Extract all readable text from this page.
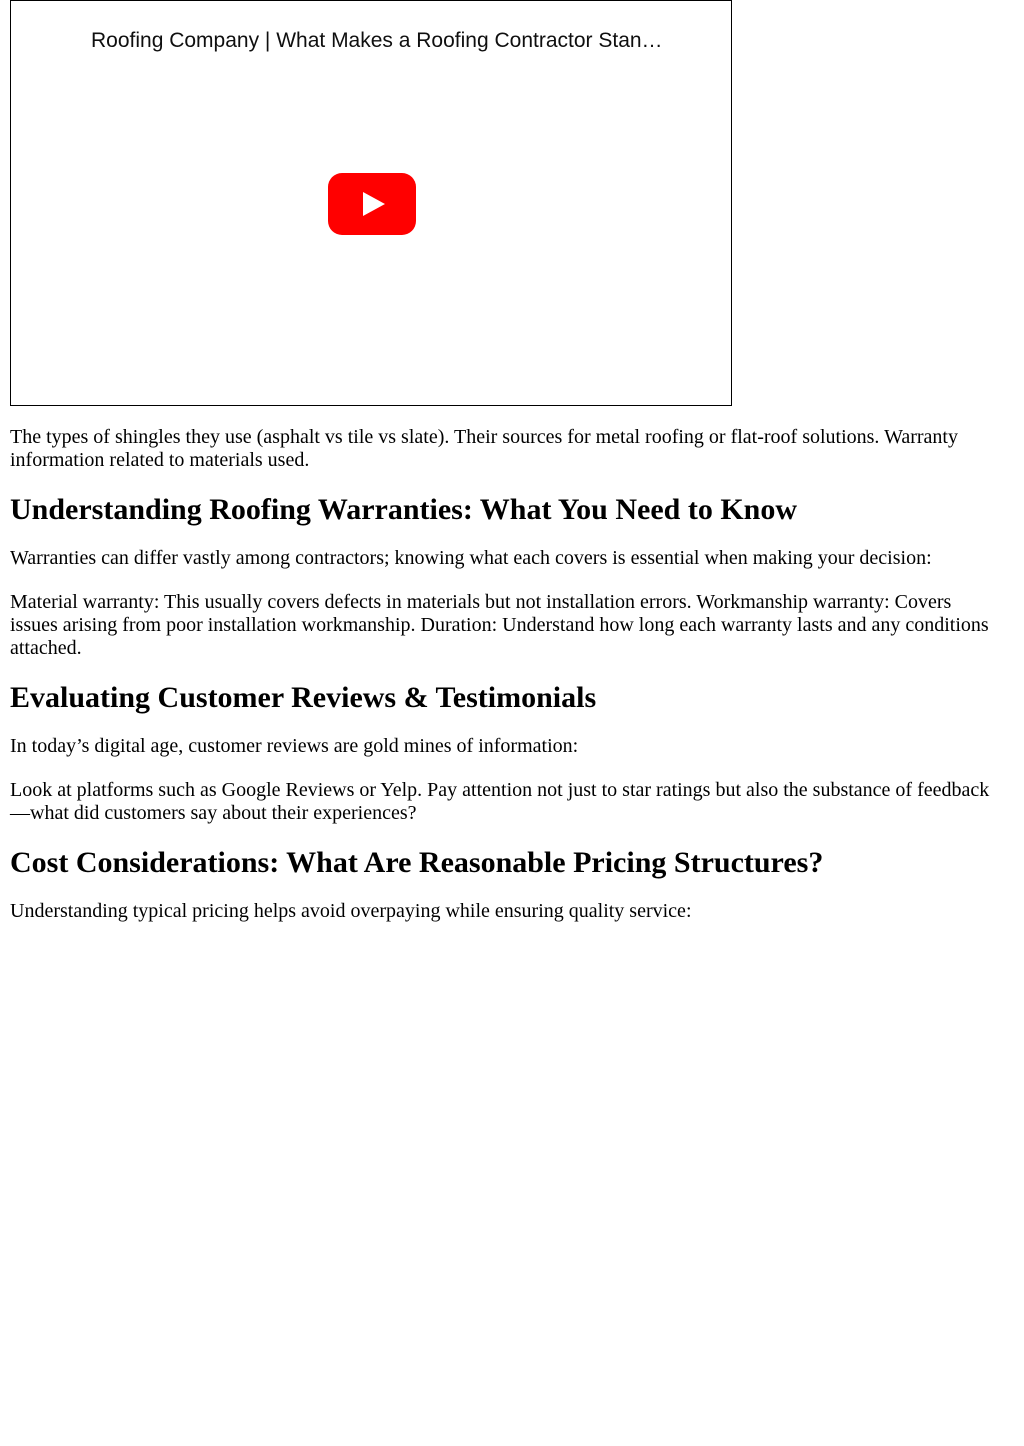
Roofing Company | What Makes a Roofing Contractor Stan…

The types of shingles they use (asphalt vs tile vs slate). Their sources for metal roofing or flat-roof solutions. Warranty information related to materials used.

Understanding Roofing Warranties: What You Need to Know

Warranties can differ vastly among contractors; knowing what each covers is essential when making your decision:

Material warranty: This usually covers defects in materials but not installation errors. Workmanship warranty: Covers issues arising from poor installation workmanship. Duration: Understand how long each warranty lasts and any conditions attached.

Evaluating Customer Reviews & Testimonials

In today’s digital age, customer reviews are gold mines of information:

Look at platforms such as Google Reviews or Yelp. Pay attention not just to star ratings but also the substance of feedback—what did customers say about their experiences?

Cost Considerations: What Are Reasonable Pricing Structures?

Understanding typical pricing helps avoid overpaying while ensuring quality service:
